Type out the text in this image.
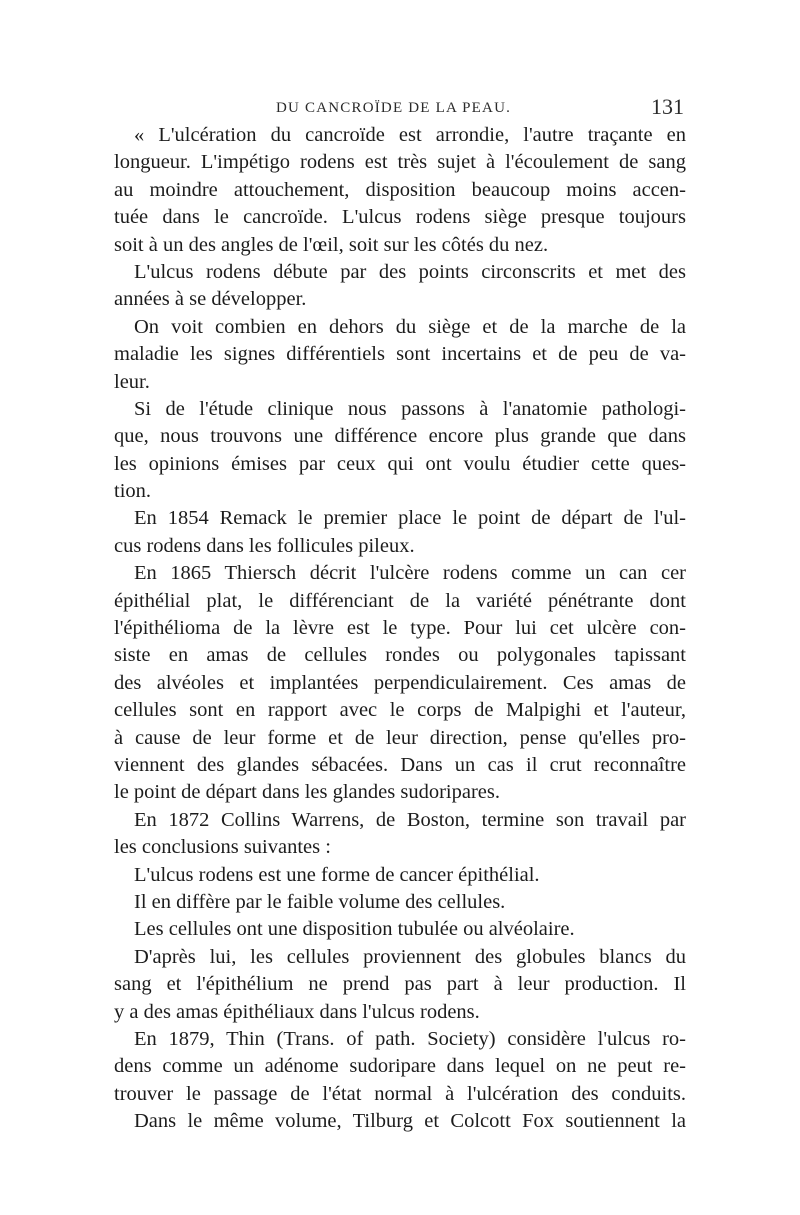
DU CANCROÏDE DE LA PEAU.	131
« L'ulcération du cancroïde est arrondie, l'autre traçante en
longueur. L'impétigo rodens est très sujet à l'écoulement de sang
au moindre attouchement, disposition beaucoup moins accen-
tuée dans le cancroïde. L'ulcus rodens siège presque toujours
soit à un des angles de l'œil, soit sur les côtés du nez.
L'ulcus rodens débute par des points circonscrits et met des
années à se développer.
On voit combien en dehors du siège et de la marche de la
maladie les signes différentiels sont incertains et de peu de va-
leur.
Si de l'étude clinique nous passons à l'anatomie pathologi-
que, nous trouvons une différence encore plus grande que dans
les opinions émises par ceux qui ont voulu étudier cette ques-
tion.
En 1854 Remack le premier place le point de départ de l'ul-
cus rodens dans les follicules pileux.
En 1865 Thiersch décrit l'ulcère rodens comme un can cer
épithélial plat, le différenciant de la variété pénétrante dont
l'épithélioma de la lèvre est le type. Pour lui cet ulcère con-
siste en amas de cellules rondes ou polygonales tapissant
des alvéoles et implantées perpendiculairement. Ces amas de
cellules sont en rapport avec le corps de Malpighi et l'auteur,
à cause de leur forme et de leur direction, pense qu'elles pro-
viennent des glandes sébacées. Dans un cas il crut reconnaître
le point de départ dans les glandes sudoripares.
En 1872 Collins Warrens, de Boston, termine son travail par
les conclusions suivantes :
L'ulcus rodens est une forme de cancer épithélial.
Il en diffère par le faible volume des cellules.
Les cellules ont une disposition tubulée ou alvéolaire.
D'après lui, les cellules proviennent des globules blancs du
sang et l'épithélium ne prend pas part à leur production. Il
y a des amas épithéliaux dans l'ulcus rodens.
En 1879, Thin (Trans. of path. Society) considère l'ulcus ro-
dens comme un adénome sudoripare dans lequel on ne peut re-
trouver le passage de l'état normal à l'ulcération des conduits.
Dans le même volume, Tilburg et Colcott Fox soutiennent la
